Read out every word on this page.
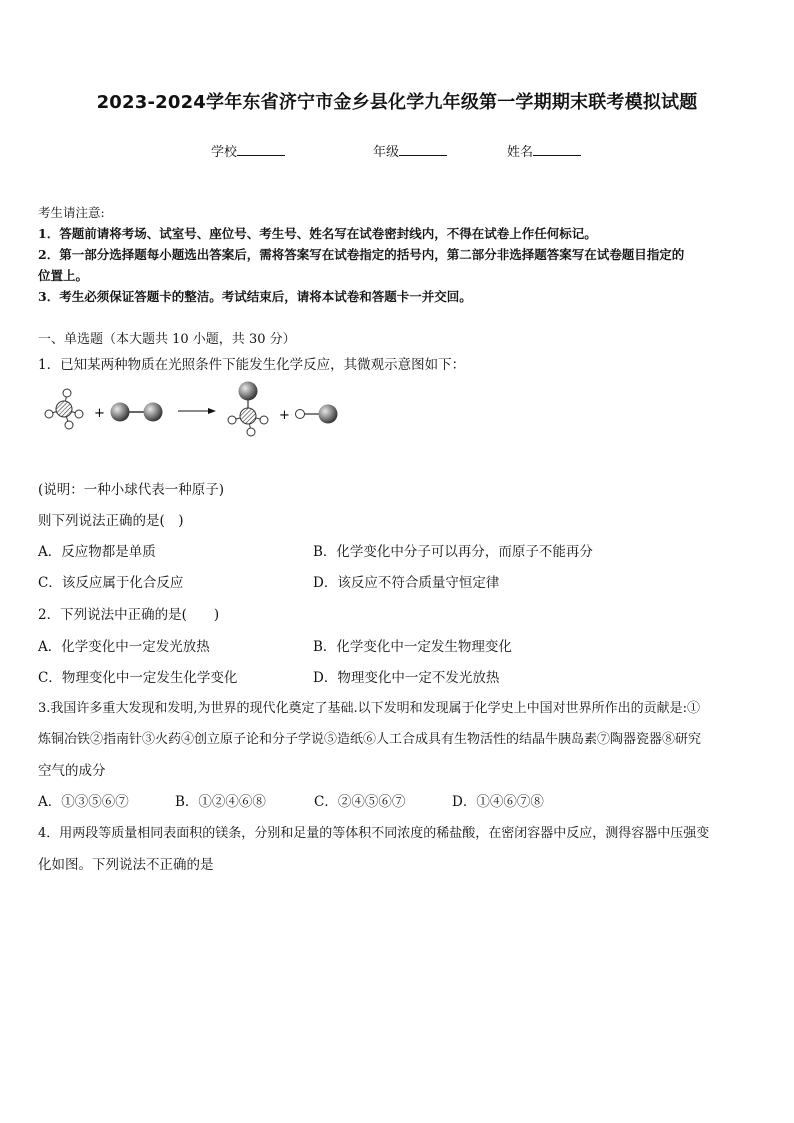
2023-2024学年东省济宁市金乡县化学九年级第一学期期末联考模拟试题
学校	年级	姓名
考生请注意:
1．答题前请将考场、试室号、座位号、考生号、姓名写在试卷密封线内，不得在试卷上作任何标记。
2．第一部分选择题每小题选出答案后，需将答案写在试卷指定的括号内，第二部分非选择题答案写在试卷题目指定的
位置上。
3．考生必须保证答题卡的整洁。考试结束后，请将本试卷和答题卡一并交回。
一、单选题（本大题共 10 小题，共 30 分）
1．已知某两种物质在光照条件下能发生化学反应，其微观示意图如下：
+	+
(说明：一种小球代表一种原子)
则下列说法正确的是(　)
A．反应物都是单质	B．化学变化中分子可以再分，而原子不能再分
C．该反应属于化合反应	D．该反应不符合质量守恒定律
2．下列说法中正确的是(　　)
A．化学变化中一定发光放热	B．化学变化中一定发生物理变化
C．物理变化中一定发生化学变化	D．物理变化中一定不发光放热
3.我国许多重大发现和发明,为世界的现代化奠定了基础.以下发明和发现属于化学史上中国对世界所作出的贡献是:①
炼铜冶铁②指南针③火药④创立原子论和分子学说⑤造纸⑥人工合成具有生物活性的结晶牛胰岛素⑦陶器瓷器⑧研究
空气的成分
A．①③⑤⑥⑦	B．①②④⑥⑧	C．②④⑤⑥⑦	D．①④⑥⑦⑧
4．用两段等质量相同表面积的镁条，分别和足量的等体积不同浓度的稀盐酸，在密闭容器中反应，测得容器中压强变
化如图。下列说法不正确的是
